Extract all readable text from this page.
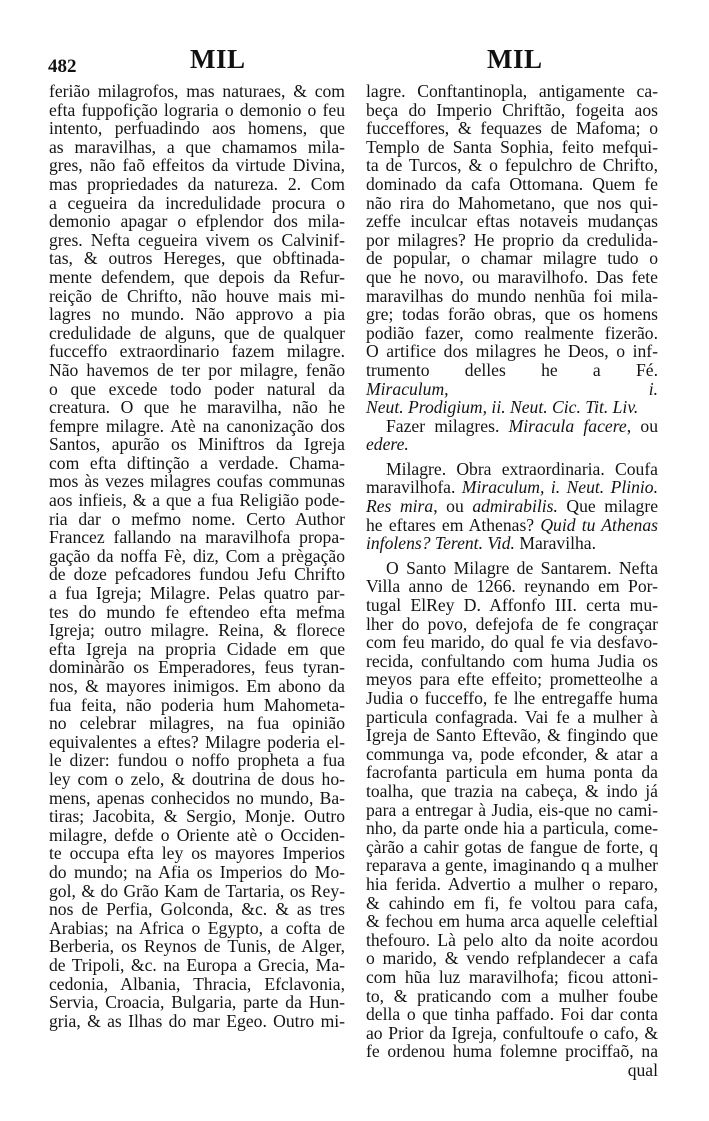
482	MIL	MIL
ferião milagrofos, mas naturaes, & com
efta fuppofição lograria o demonio o feu
intento, perfuadindo aos homens, que
as maravilhas, a que chamamos mila-
gres, não faõ effeitos da virtude Divina,
mas propriedades da natureza. 2. Com
a cegueira da incredulidade procura o
demonio apagar o efplendor dos mila-
gres. Nefta cegueira vivem os Calvinif-
tas, & outros Hereges, que obftinada-
mente defendem, que depois da Refur-
reição de Chrifto, não houve mais mi-
lagres no mundo. Não approvo a pia
credulidade de alguns, que de qualquer
fucceffo extraordinario fazem milagre.
Não havemos de ter por milagre, fenão
o que excede todo poder natural da
creatura. O que he maravilha, não he
fempre milagre. Atè na canonização dos
Santos, apurão os Miniftros da Igreja
com efta diftinção a verdade. Chama-
mos às vezes milagres coufas communas
aos infieis, & a que a fua Religião pode-
ria dar o mefmo nome. Certo Author
Francez fallando na maravilhofa propa-
gação da noffa Fè, diz, Com a prègação
de doze pefcadores fundou Jefu Chrifto
a fua Igreja; Milagre. Pelas quatro par-
tes do mundo fe eftendeo efta mefma
Igreja; outro milagre. Reina, & florece
efta Igreja na propria Cidade em que
dominàrão os Emperadores, feus tyran-
nos, & mayores inimigos. Em abono da
fua feita, não poderia hum Mahometa-
no celebrar milagres, na fua opinião
equivalentes a eftes? Milagre poderia el-
le dizer: fundou o noffo propheta a fua
ley com o zelo, & doutrina de dous ho-
mens, apenas conhecidos no mundo, Ba-
tiras; Jacobita, & Sergio, Monje. Outro
milagre, defde o Oriente atè o Occiden-
te occupa efta ley os mayores Imperios
do mundo; na Afia os Imperios do Mo-
gol, & do Grão Kam de Tartaria, os Rey-
nos de Perfia, Golconda, &c. & as tres
Arabias; na Africa o Egypto, a cofta de
Berberia, os Reynos de Tunis, de Alger,
de Tripoli, &c. na Europa a Grecia, Ma-
cedonia, Albania, Thracia, Efclavonia,
Servia, Croacia, Bulgaria, parte da Hun-
gria, & as Ilhas do mar Egeo. Outro mi-
lagre. Conftantinopla, antigamente ca-
beça do Imperio Chriftão, fogeita aos
fucceffores, & fequazes de Mafoma; o
Templo de Santa Sophia, feito mefqui-
ta de Turcos, & o fepulchro de Chrifto,
dominado da cafa Ottomana. Quem fe
não rira do Mahometano, que nos qui-
zeffe inculcar eftas notaveis mudanças
por milagres? He proprio da credulida-
de popular, o chamar milagre tudo o
que he novo, ou maravilhofo. Das fete
maravilhas do mundo nenhũa foi mila-
gre; todas forão obras, que os homens
podião fazer, como realmente fizerão.
O artifice dos milagres he Deos, o inf-
trumento delles he a Fé.
Miraculum, i.
Neut. Prodigium, ii. Neut. Cic. Tit. Liv.
Fazer milagres. Miracula facere, ou
edere.
Milagre. Obra extraordinaria. Coufa
maravilhofa. Miraculum, i. Neut. Plinio.
Res mira, ou admirabilis. Que milagre
he eftares em Athenas? Quid tu Athenas
infolens? Terent. Vid. Maravilha.
O Santo Milagre de Santarem. Nefta
Villa anno de 1266. reynando em Por-
tugal ElRey D. Affonfo III. certa mu-
lher do povo, defejofa de fe congraçar
com feu marido, do qual fe via desfavo-
recida, confultando com huma Judia os
meyos para efte effeito; prometteolhe a
Judia o fucceffo, fe lhe entregaffe huma
particula confagrada. Vai fe a mulher à
Igreja de Santo Eftevão, & fingindo que
communga va, pode efconder, & atar a
facrofanta particula em huma ponta da
toalha, que trazia na cabeça, & indo já
para a entregar à Judia, eis-que no cami-
nho, da parte onde hia a particula, come-
çàrão a cahir gotas de fangue de forte, q
reparava a gente, imaginando q a mulher
hia ferida. Advertio a mulher o reparo,
& cahindo em fi, fe voltou para cafa,
& fechou em huma arca aquelle celeftial
thefouro. Là pelo alto da noite acordou
o marido, & vendo refplandecer a cafa
com hũa luz maravilhofa; ficou attoni-
to, & praticando com a mulher foube
della o que tinha paffado. Foi dar conta
ao Prior da Igreja, confultoufe o cafo, &
fe ordenou huma folemne prociffaõ, na
qual
